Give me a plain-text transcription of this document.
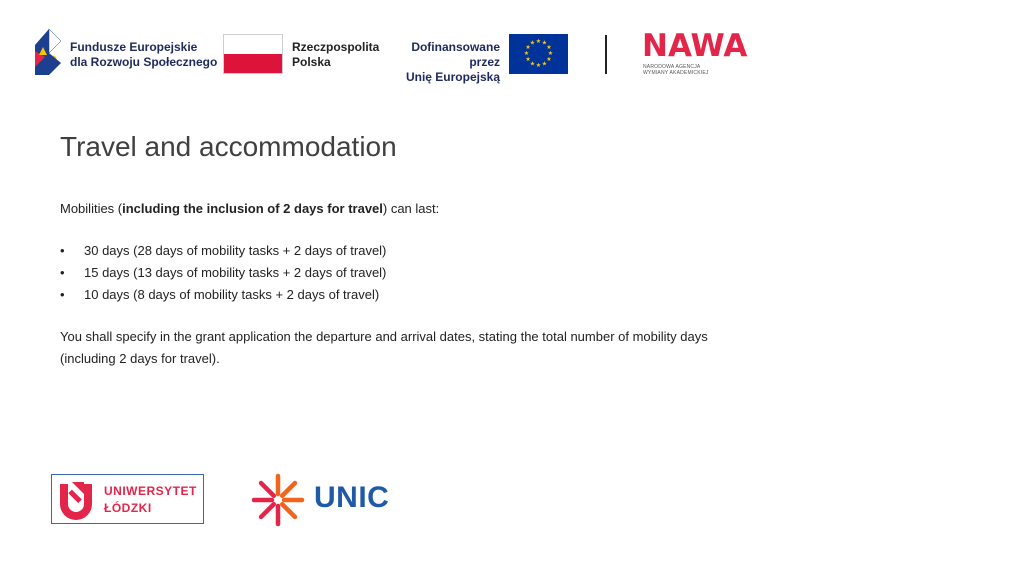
Fundusze Europejskie
dla Rozwoju Społecznego
Rzeczpospolita
Polska
Dofinansowane przez
Unię Europejską
★ ★
★
★
★
★
★
★
★
★
★
★	NAWA
NARODOWA AGENCJA
WYMIANY AKADEMICKIEJ
Travel and accommodation

Mobilities (including the inclusion of 2 days for travel) can last:

• 30 days (28 days of mobility tasks + 2 days of travel)
• 15 days (13 days of mobility tasks + 2 days of travel)
• 10 days (8 days of mobility tasks + 2 days of travel)

You shall specify in the grant application the departure and arrival dates, stating the total number of mobility days
(including 2 days for travel).

UNIWERSYTET
ŁÓDZKI	UNIC
